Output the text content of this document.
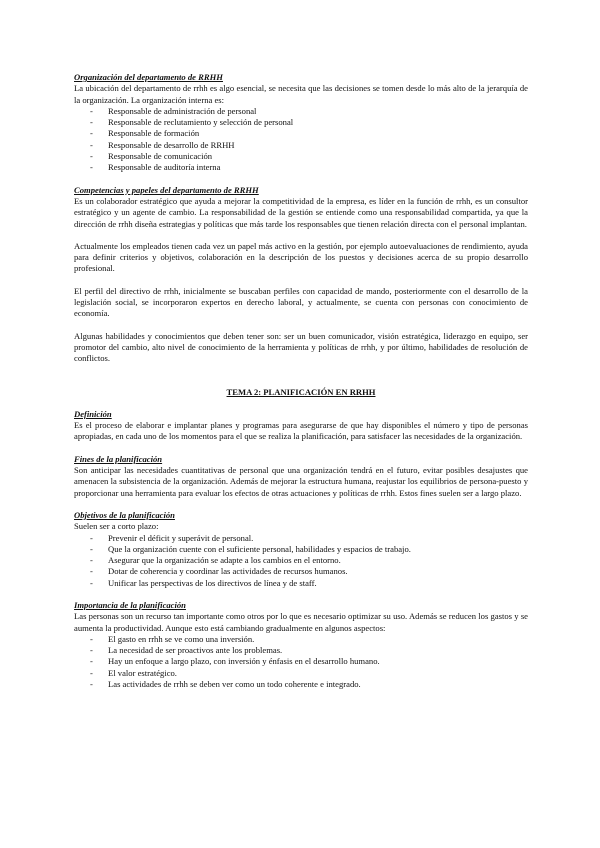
Organización del departamento de RRHH

La ubicación del departamento de rrhh es algo esencial, se necesita que las decisiones se tomen desde lo más alto de la jerarquía de la organización. La organización interna es:

- Responsable de administración de personal
- Responsable de reclutamiento y selección de personal
- Responsable de formación
- Responsable de desarrollo de RRHH
- Responsable de comunicación
- Responsable de auditoría interna
Competencias y papeles del departamento de RRHH

Es un colaborador estratégico que ayuda a mejorar la competitividad de la empresa, es líder en la función de rrhh, es un consultor estratégico y un agente de cambio. La responsabilidad de la gestión se entiende como una responsabilidad compartida, ya que la dirección de rrhh diseña estrategias y políticas que más tarde los responsables que tienen relación directa con el personal implantan.

Actualmente los empleados tienen cada vez un papel más activo en la gestión, por ejemplo autoevaluaciones de rendimiento, ayuda para definir criterios y objetivos, colaboración en la descripción de los puestos y decisiones acerca de su propio desarrollo profesional.

El perfil del directivo de rrhh, inicialmente se buscaban perfiles con capacidad de mando, posteriormente con el desarrollo de la legislación social, se incorporaron expertos en derecho laboral, y actualmente, se cuenta con personas con conocimiento de economía.

Algunas habilidades y conocimientos que deben tener son: ser un buen comunicador, visión estratégica, liderazgo en equipo, ser promotor del cambio, alto nivel de conocimiento de la herramienta y políticas de rrhh, y por último, habilidades de resolución de conflictos.

TEMA 2: PLANIFICACIÓN EN RRHH

Definición

Es el proceso de elaborar e implantar planes y programas para asegurarse de que hay disponibles el número y tipo de personas apropiadas, en cada uno de los momentos para el que se realiza la planificación, para satisfacer las necesidades de la organización.

Fines de la planificación

Son anticipar las necesidades cuantitativas de personal que una organización tendrá en el futuro, evitar posibles desajustes que amenacen la subsistencia de la organización. Además de mejorar la estructura humana, reajustar los equilibrios de persona-puesto y proporcionar una herramienta para evaluar los efectos de otras actuaciones y políticas de rrhh. Estos fines suelen ser a largo plazo.

Objetivos de la planificación

Suelen ser a corto plazo:

- Prevenir el déficit y superávit de personal.
- Que la organización cuente con el suficiente personal, habilidades y espacios de trabajo.
- Asegurar que la organización se adapte a los cambios en el entorno.
- Dotar de coherencia y coordinar las actividades de recursos humanos.
- Unificar las perspectivas de los directivos de línea y de staff.
Importancia de la planificación

Las personas son un recurso tan importante como otros por lo que es necesario optimizar su uso. Además se reducen los gastos y se aumenta la productividad. Aunque esto está cambiando gradualmente en algunos aspectos:

- El gasto en rrhh se ve como una inversión.
- La necesidad de ser proactivos ante los problemas.
- Hay un enfoque a largo plazo, con inversión y énfasis en el desarrollo humano.
- El valor estratégico.
- Las actividades de rrhh se deben ver como un todo coherente e integrado.
